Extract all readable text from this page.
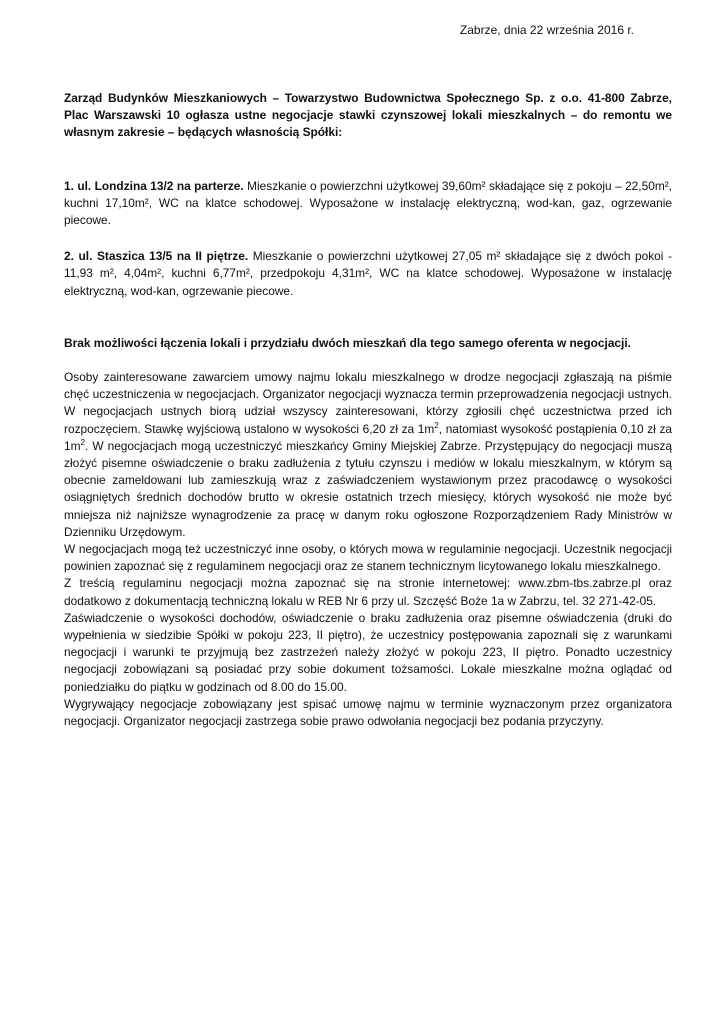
Zabrze, dnia 22 września 2016 r.

Zarząd Budynków Mieszkaniowych – Towarzystwo Budownictwa Społecznego Sp. z o.o. 41-800 Zabrze, Plac Warszawski 10 ogłasza ustne negocjacje stawki czynszowej lokali mieszkalnych – do remontu we własnym zakresie – będących własnością Spółki:

1. ul. Londzina 13/2 na parterze. Mieszkanie o powierzchni użytkowej 39,60m² składające się z pokoju – 22,50m², kuchni 17,10m², WC na klatce schodowej. Wyposażone w instalację elektryczną, wod-kan, gaz, ogrzewanie piecowe.

2. ul. Staszica 13/5 na II piętrze. Mieszkanie o powierzchni użytkowej 27,05 m² składające się z dwóch pokoi - 11,93 m², 4,04m², kuchni 6,77m², przedpokoju 4,31m², WC na klatce schodowej. Wyposażone w instalację elektryczną, wod-kan, ogrzewanie piecowe.

Brak możliwości łączenia lokali i przydziału dwóch mieszkań dla tego samego oferenta w negocjacji.

Osoby zainteresowane zawarciem umowy najmu lokalu mieszkalnego w drodze negocjacji zgłaszają na piśmie chęć uczestniczenia w negocjacjach. Organizator negocjacji wyznacza termin przeprowadzenia negocjacji ustnych. W negocjacjach ustnych biorą udział wszyscy zainteresowani, którzy zgłosili chęć uczestnictwa przed ich rozpoczęciem. Stawkę wyjściową ustalono w wysokości 6,20 zł za $1m^2$, natomiast wysokość postąpienia 0,10 zł za $1m^2$. W negocjacjach mogą uczestniczyć mieszkańcy Gminy Miejskiej Zabrze. Przystępujący do negocjacji muszą złożyć pisemne oświadczenie o braku zadłużenia z tytułu czynszu i mediów w lokalu mieszkalnym, w którym są obecnie zameldowani lub zamieszkują wraz z zaświadczeniem wystawionym przez pracodawcę o wysokości osiągniętych średnich dochodów brutto w okresie ostatnich trzech miesięcy, których wysokość nie może być mniejsza niż najniższe wynagrodzenie za pracę w danym roku ogłoszone Rozporządzeniem Rady Ministrów w Dzienniku Urzędowym.

W negocjacjach mogą też uczestniczyć inne osoby, o których mowa w regulaminie negocjacji. Uczestnik negocjacji powinien zapoznać się z regulaminem negocjacji oraz ze stanem technicznym licytowanego lokalu mieszkalnego.

Z treścią regulaminu negocjacji można zapoznać się na stronie internetowej: www.zbm-tbs.zabrze.pl oraz dodatkowo z dokumentacją techniczną lokalu w REB Nr 6 przy ul. Szczęść Boże 1a w Zabrzu, tel. 32 271-42-05.

Zaświadczenie o wysokości dochodów, oświadczenie o braku zadłużenia oraz pisemne oświadczenia (druki do wypełnienia w siedzibie Spółki w pokoju 223, II piętro), że uczestnicy postępowania zapoznali się z warunkami negocjacji i warunki te przyjmują bez zastrzeżeń należy złożyć w pokoju 223, II piętro. Ponadto uczestnicy negocjacji zobowiązani są posiadać przy sobie dokument tożsamości. Lokale mieszkalne można oglądać od poniedziałku do piątku w godzinach od 8.00 do 15.00.

Wygrywający negocjacje zobowiązany jest spisać umowę najmu w terminie wyznaczonym przez organizatora negocjacji. Organizator negocjacji zastrzega sobie prawo odwołania negocjacji bez podania przyczyny.
